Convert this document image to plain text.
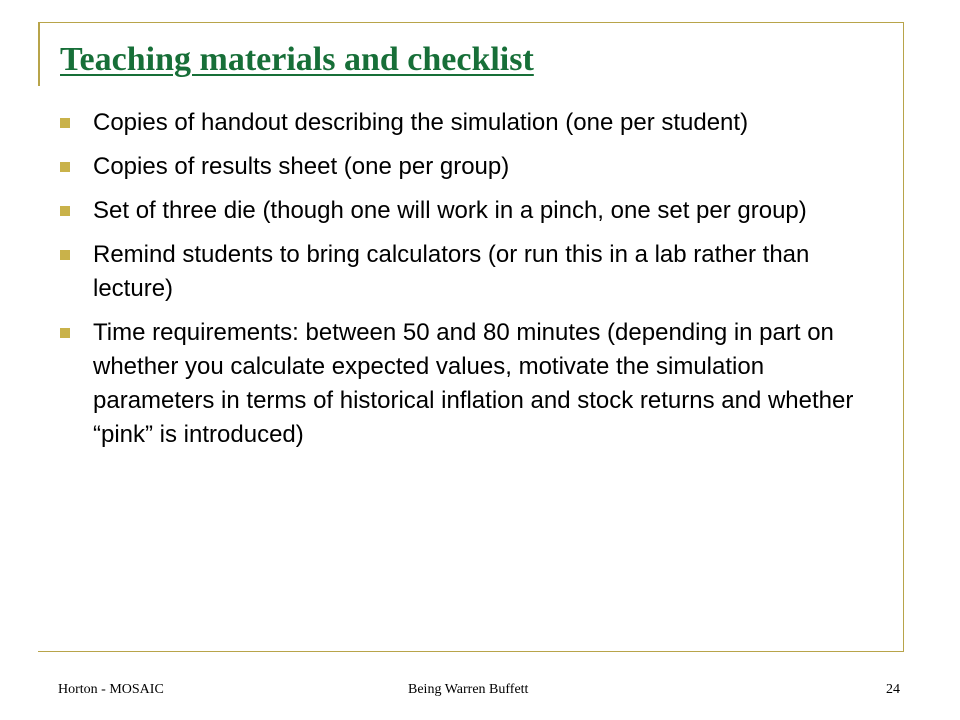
Teaching materials and checklist
Copies of handout describing the simulation (one per student)
Copies of results sheet (one per group)
Set of three die (though one will work in a pinch, one set per group)
Remind students to bring calculators (or run this in a lab rather than lecture)
Time requirements: between 50 and 80 minutes (depending in part on whether you calculate expected values, motivate the simulation parameters in terms of historical inflation and stock returns and whether “pink” is introduced)
Horton - MOSAIC	Being Warren Buffett	24
